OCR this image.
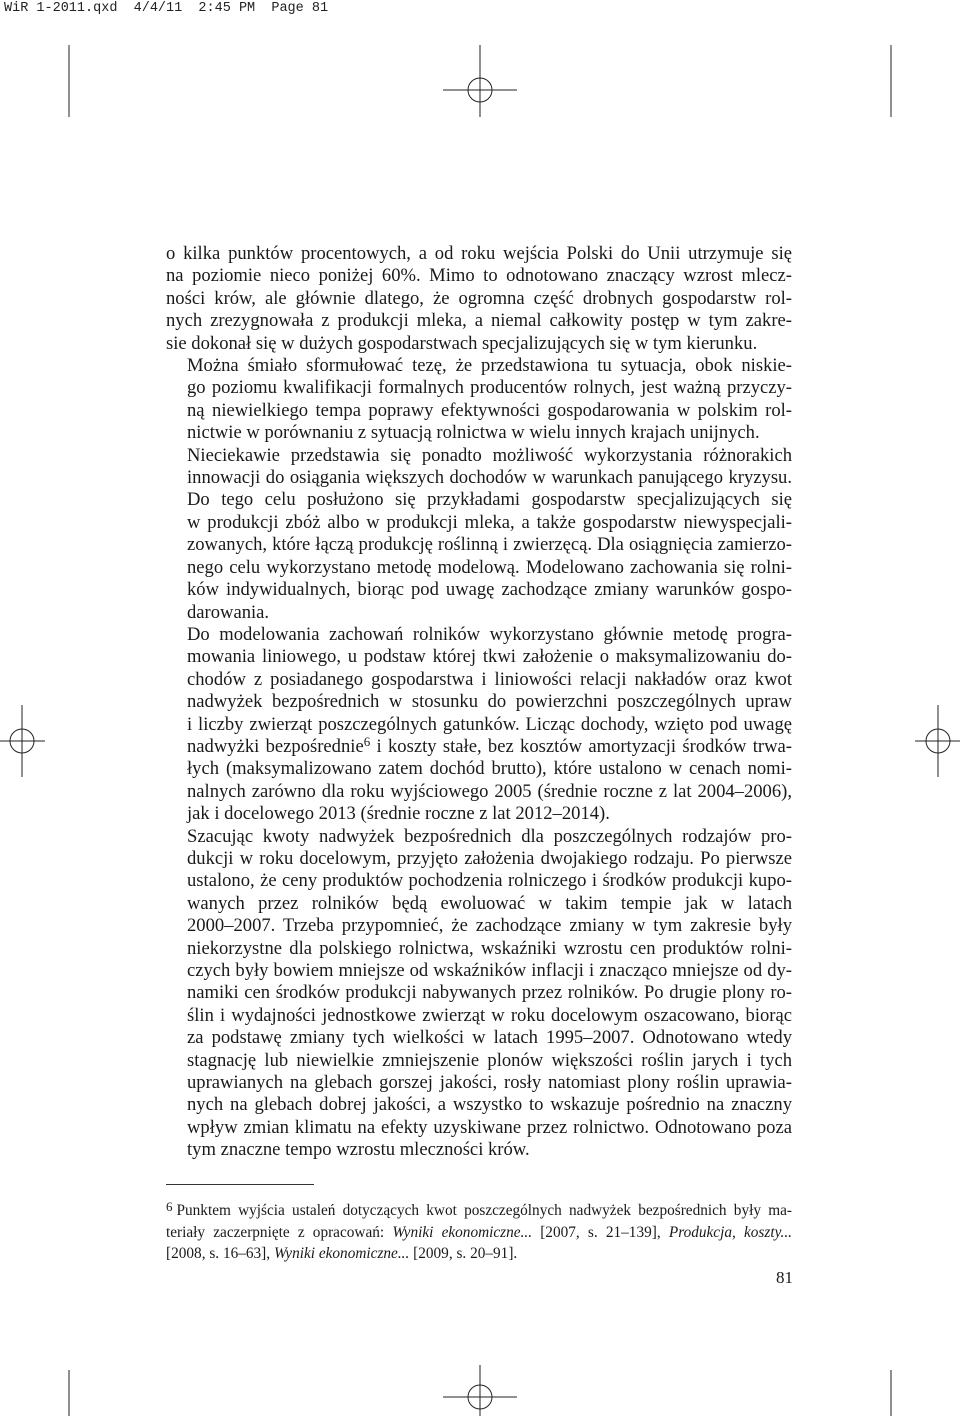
WiR 1-2011.qxd  4/4/11  2:45 PM  Page 81

o kilka punktów procentowych, a od roku wejścia Polski do Unii utrzymuje się
na poziomie nieco poniżej 60%. Mimo to odnotowano znaczący wzrost mlecz-
ności krów, ale głównie dlatego, że ogromna część drobnych gospodarstw rol-
nych zrezygnowała z produkcji mleka, a niemal całkowity postęp w tym zakre-
sie dokonał się w dużych gospodarstwach specjalizujących się w tym kierunku.

Można śmiało sformułować tezę, że przedstawiona tu sytuacja, obok niskie-
go poziomu kwalifikacji formalnych producentów rolnych, jest ważną przyczy-
ną niewielkiego tempa poprawy efektywności gospodarowania w polskim rol-
nictwie w porównaniu z sytuacją rolnictwa w wielu innych krajach unijnych.

Nieciekawie przedstawia się ponadto możliwość wykorzystania różnorakich
innowacji do osiągania większych dochodów w warunkach panującego kryzysu.
Do tego celu posłużono się przykładami gospodarstw specjalizujących się
w produkcji zbóż albo w produkcji mleka, a także gospodarstw niewyspecjali-
zowanych, które łączą produkcję roślinną i zwierzęcą. Dla osiągnięcia zamierzo-
nego celu wykorzystano metodę modelową. Modelowano zachowania się rolni-
ków indywidualnych, biorąc pod uwagę zachodzące zmiany warunków gospo-
darowania.

Do modelowania zachowań rolników wykorzystano głównie metodę progra-
mowania liniowego, u podstaw której tkwi założenie o maksymalizowaniu do-
chodów z posiadanego gospodarstwa i liniowości relacji nakładów oraz kwot
nadwyżek bezpośrednich w stosunku do powierzchni poszczególnych upraw
i liczby zwierząt poszczególnych gatunków. Licząc dochody, wzięto pod uwagę
nadwyżki bezpośrednie$^6$ i koszty stałe, bez kosztów amortyzacji środków trwa-
łych (maksymalizowano zatem dochód brutto), które ustalono w cenach nomi-
nalnych zarówno dla roku wyjściowego 2005 (średnie roczne z lat 2004–2006),
jak i docelowego 2013 (średnie roczne z lat 2012–2014).

Szacując kwoty nadwyżek bezpośrednich dla poszczególnych rodzajów pro-
dukcji w roku docelowym, przyjęto założenia dwojakiego rodzaju. Po pierwsze
ustalono, że ceny produktów pochodzenia rolniczego i środków produkcji kupo-
wanych przez rolników będą ewoluować w takim tempie jak w latach
2000–2007. Trzeba przypomnieć, że zachodzące zmiany w tym zakresie były
niekorzystne dla polskiego rolnictwa, wskaźniki wzrostu cen produktów rolni-
czych były bowiem mniejsze od wskaźników inflacji i znacząco mniejsze od dy-
namiki cen środków produkcji nabywanych przez rolników. Po drugie plony ro-
ślin i wydajności jednostkowe zwierząt w roku docelowym oszacowano, biorąc
za podstawę zmiany tych wielkości w latach 1995–2007. Odnotowano wtedy
stagnację lub niewielkie zmniejszenie plonów większości roślin jarych i tych
uprawianych na glebach gorszej jakości, rosły natomiast plony roślin uprawia-
nych na glebach dobrej jakości, a wszystko to wskazuje pośrednio na znaczny
wpływ zmian klimatu na efekty uzyskiwane przez rolnictwo. Odnotowano poza
tym znaczne tempo wzrostu mleczności krów.

$^6$ Punktem wyjścia ustaleń dotyczących kwot poszczególnych nadwyżek bezpośrednich były ma-
teriały zaczerpnięte z opracowań: Wyniki ekonomiczne... [2007, s. 21–139], Produkcja, koszty...
[2008, s. 16–63], Wyniki ekonomiczne... [2009, s. 20–91].
81
